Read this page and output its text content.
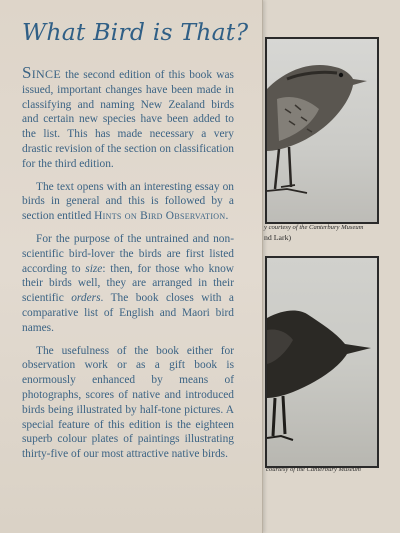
y courtesy of the Canterbury Museum
nd Lark)
courtesy of the Canterbury Museum
What Bird is That?

Since the second edition of this book was issued, important changes have been made in classifying and naming New Zealand birds and certain new species have been added to the list. This has made necessary a very drastic revision of the section on classification for the third edition.

The text opens with an interesting essay on birds in general and this is followed by a section entitled Hints on Bird Observation.

For the purpose of the untrained and non-scientific bird-lover the birds are first listed according to size: then, for those who know their birds well, they are arranged in their scientific orders. The book closes with a comparative list of English and Maori bird names.

The usefulness of the book either for observation work or as a gift book is enormously enhanced by means of photographs, scores of native and introduced birds being illustrated by half-tone pictures. A special feature of this edition is the eighteen superb colour plates of paintings illustrating thirty-five of our most attractive native birds.
